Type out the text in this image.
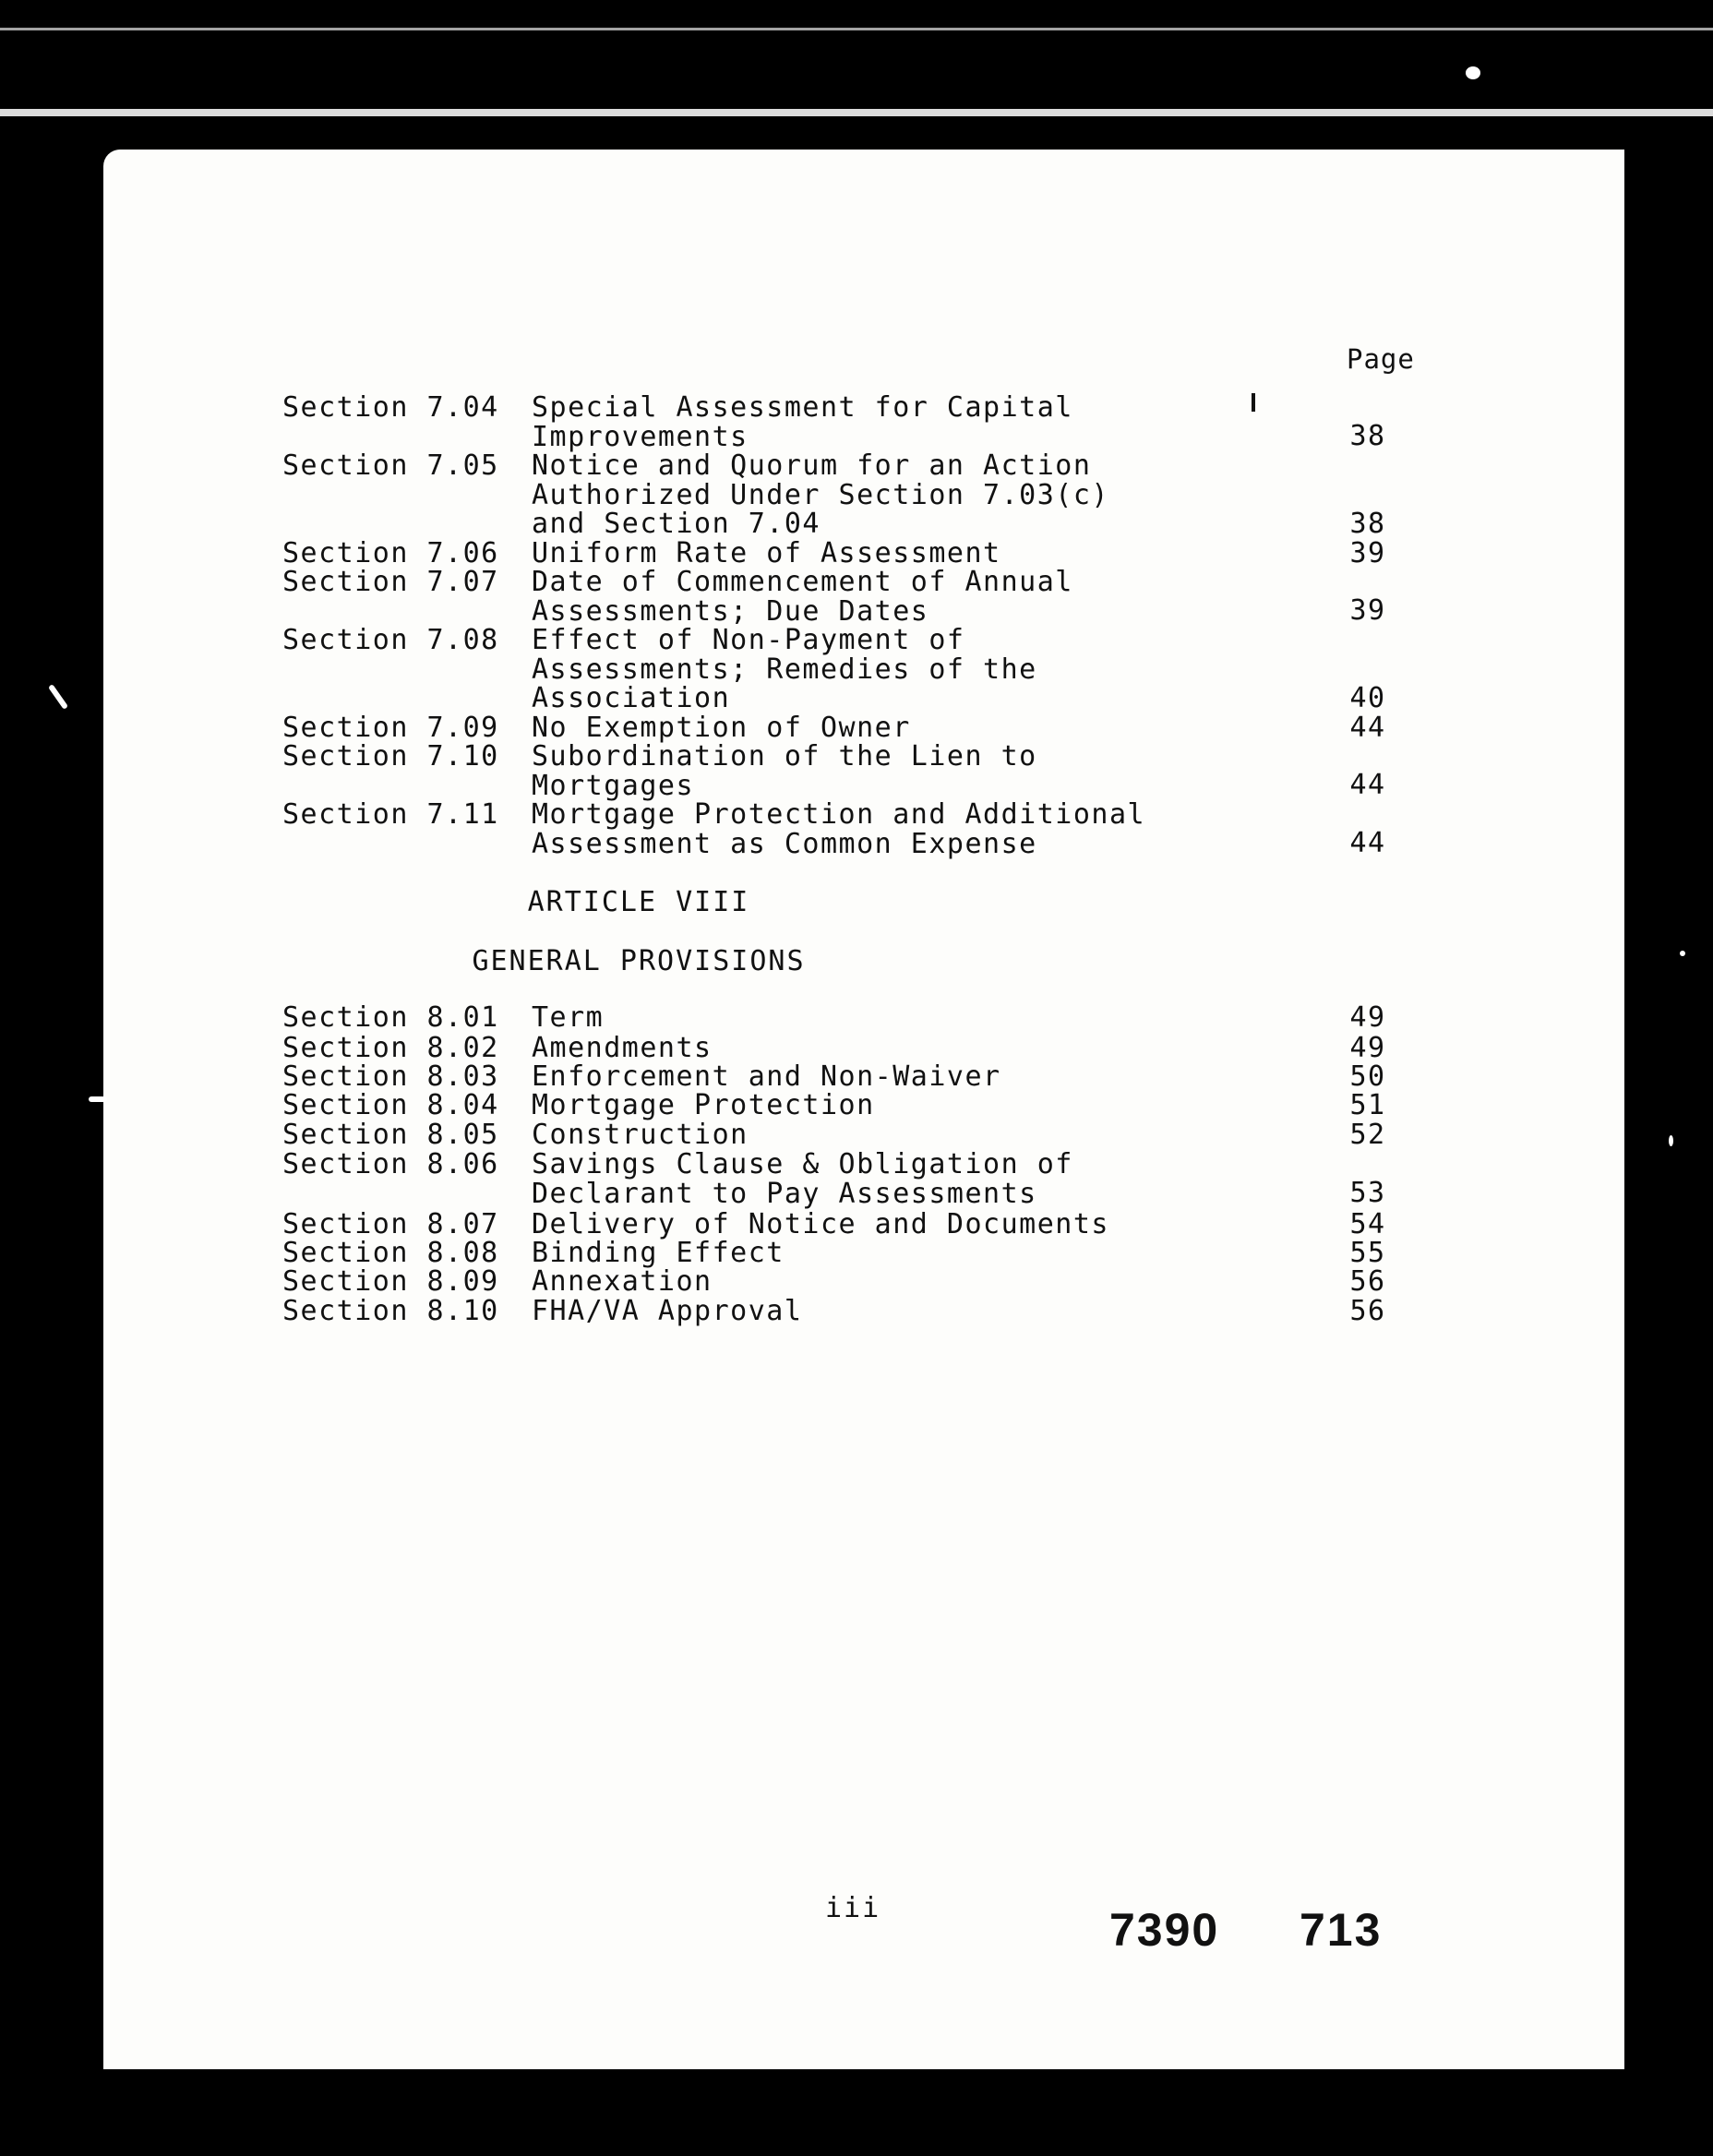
Page
Section 7.04 Special Assessment for Capital
Improvements	38
Section 7.05 Notice and Quorum for an Action
Authorized Under Section 7.03(c)
and Section 7.04	38
Section 7.06 Uniform Rate of Assessment	39
Section 7.07 Date of Commencement of Annual
Assessments; Due Dates	39
Section 7.08 Effect of Non-Payment of
Assessments; Remedies of the
Association	40
Section 7.09 No Exemption of Owner	44
Section 7.10 Subordination of the Lien to
Mortgages	44
Section 7.11 Mortgage Protection and Additional
Assessment as Common Expense	44
ARTICLE VIII
GENERAL PROVISIONS
Section 8.01 Term	49
Section 8.02 Amendments	49
Section 8.03 Enforcement and Non-Waiver	50
Section 8.04 Mortgage Protection	51
Section 8.05 Construction	52
Section 8.06 Savings Clause & Obligation of
Declarant to Pay Assessments	53
Section 8.07 Delivery of Notice and Documents	54
Section 8.08 Binding Effect	55
Section 8.09 Annexation	56
Section 8.10 FHA/VA Approval	56
iii	7390 713
